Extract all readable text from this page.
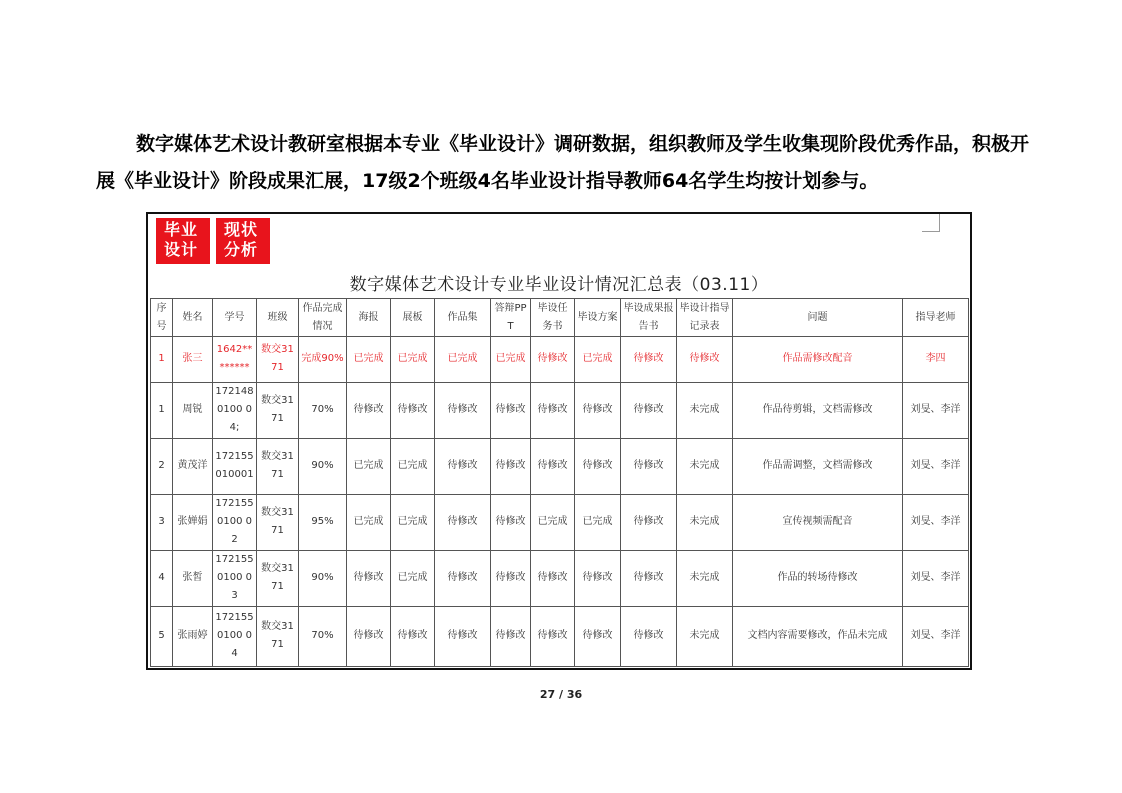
数字媒体艺术设计教研室根据本专业《毕业设计》调研数据，组织教师及学生收集现阶段优秀作品，积极开展《毕业设计》阶段成果汇展，17级2个班级4名毕业设计指导教师64名学生均按计划参与。
毕业
设计
现状
分析
数字媒体艺术设计专业毕业设计情况汇总表（03.11）
序号	姓名	学号	班级	作品完成情况	海报	展板	作品集	答辩PPT	毕设任务书	毕设方案	毕设成果报告书	毕设计指导记录表	问题	指导老师
1	张三	1642********	数交3171	完成90%	已完成	已完成	已完成	已完成	待修改	已完成	待修改	待修改	作品需修改配音	李四
1	周锐	1721480100 04;	数交3171	70%	待修改	待修改	待修改	待修改	待修改	待修改	待修改	未完成	作品待剪辑，文档需修改	刘旻、李洋
2	黄茂洋	172155 010001	数交3171	90%	已完成	已完成	待修改	待修改	待修改	待修改	待修改	未完成	作品需调整，文档需修改	刘旻、李洋
3	张婵娟	1721550100 02	数交3171	95%	已完成	已完成	待修改	待修改	已完成	已完成	待修改	未完成	宣传视频需配音	刘旻、李洋
4	张皙	1721550100 03	数交3171	90%	待修改	已完成	待修改	待修改	待修改	待修改	待修改	未完成	作品的转场待修改	刘旻、李洋
5	张雨婷	1721550100 04	数交3171	70%	待修改	待修改	待修改	待修改	待修改	待修改	待修改	未完成	文档内容需要修改，作品未完成	刘旻、李洋
27 / 36
